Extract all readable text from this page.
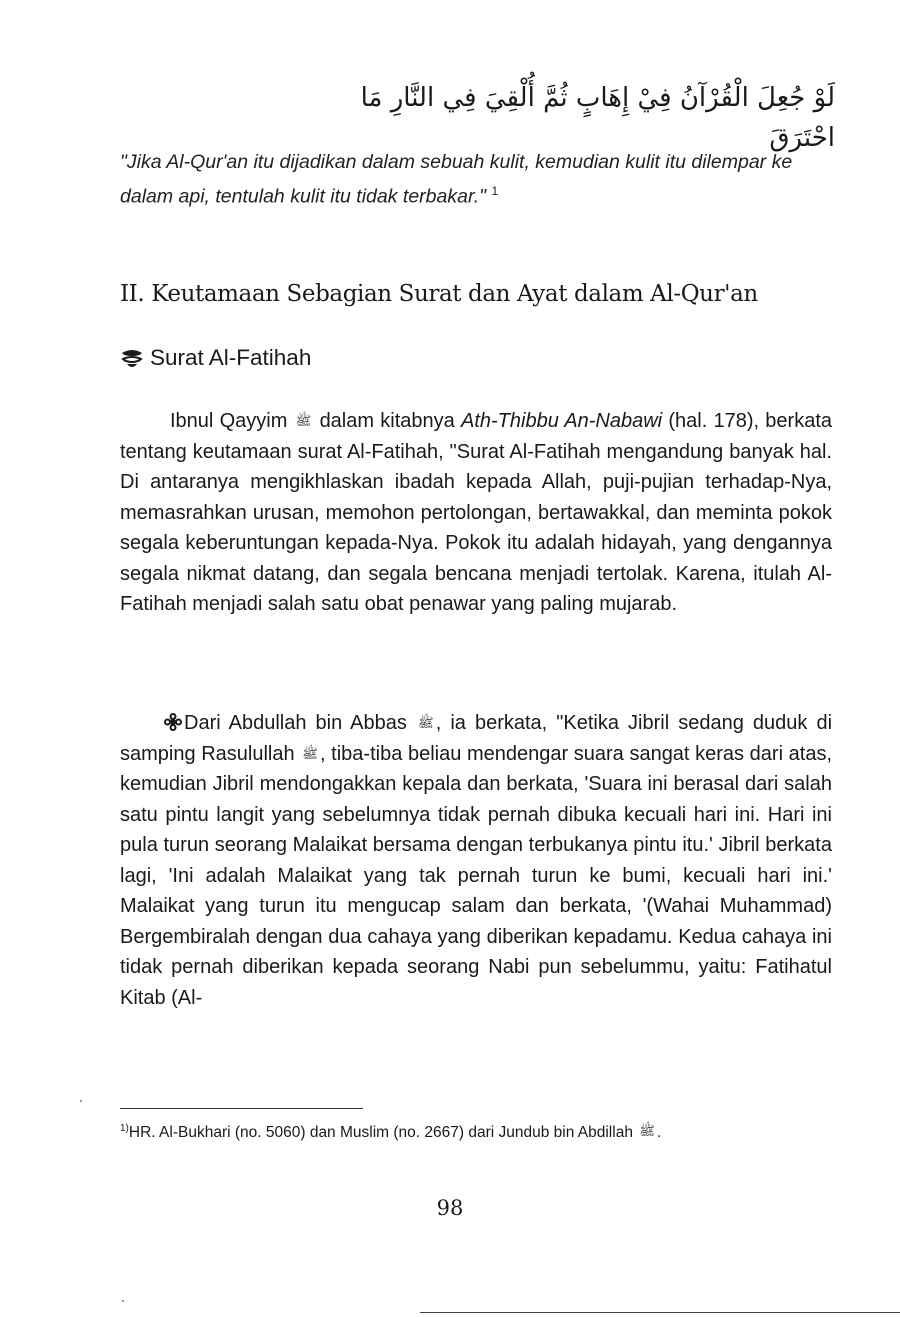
لَوْ جُعِلَ الْقُرْآنُ فِيْ إِهَابٍ ثُمَّ أُلْقِيَ فِي النَّارِ مَا احْتَرَقَ
"Jika Al-Qur'an itu dijadikan dalam sebuah kulit, kemudian kulit itu dilempar ke dalam api, tentulah kulit itu tidak terbakar." $^1$
II. Keutamaan Sebagian Surat dan Ayat dalam Al-Qur'an
Surat Al-Fatihah

Ibnul Qayyim ﷺ dalam kitabnya Ath-Thibbu An-Nabawi (hal. 178), berkata tentang keutamaan surat Al-Fatihah, "Surat Al-Fatihah mengandung banyak hal. Di antaranya mengikhlaskan ibadah kepada Allah, puji-pujian terhadap-Nya, memasrahkan urusan, memohon pertolongan, bertawakkal, dan meminta pokok segala keberuntungan kepada-Nya. Pokok itu adalah hidayah, yang dengannya segala nikmat datang, dan segala bencana menjadi tertolak. Karena, itulah Al-Fatihah menjadi salah satu obat penawar yang paling mujarab.

Dari Abdullah bin Abbas ﷺ , ia berkata, "Ketika Jibril sedang duduk di samping Rasulullah ﷺ , tiba-tiba beliau mendengar suara sangat keras dari atas, kemudian Jibril mendongakkan kepala dan berkata, 'Suara ini berasal dari salah satu pintu langit yang sebelumnya tidak pernah dibuka kecuali hari ini. Hari ini pula turun seorang Malaikat bersama dengan terbukanya pintu itu.' Jibril berkata lagi, 'Ini adalah Malaikat yang tak pernah turun ke bumi, kecuali hari ini.' Malaikat yang turun itu mengucap salam dan berkata, '(Wahai Muhammad) Bergembiralah dengan dua cahaya yang diberikan kepadamu. Kedua cahaya ini tidak pernah diberikan kepada seorang Nabi pun sebelummu, yaitu: Fatihatul Kitab (Al-

$^{1)}$HR. Al-Bukhari (no. 5060) dan Muslim (no. 2667) dari Jundub bin Abdillah ﷺ .
98
